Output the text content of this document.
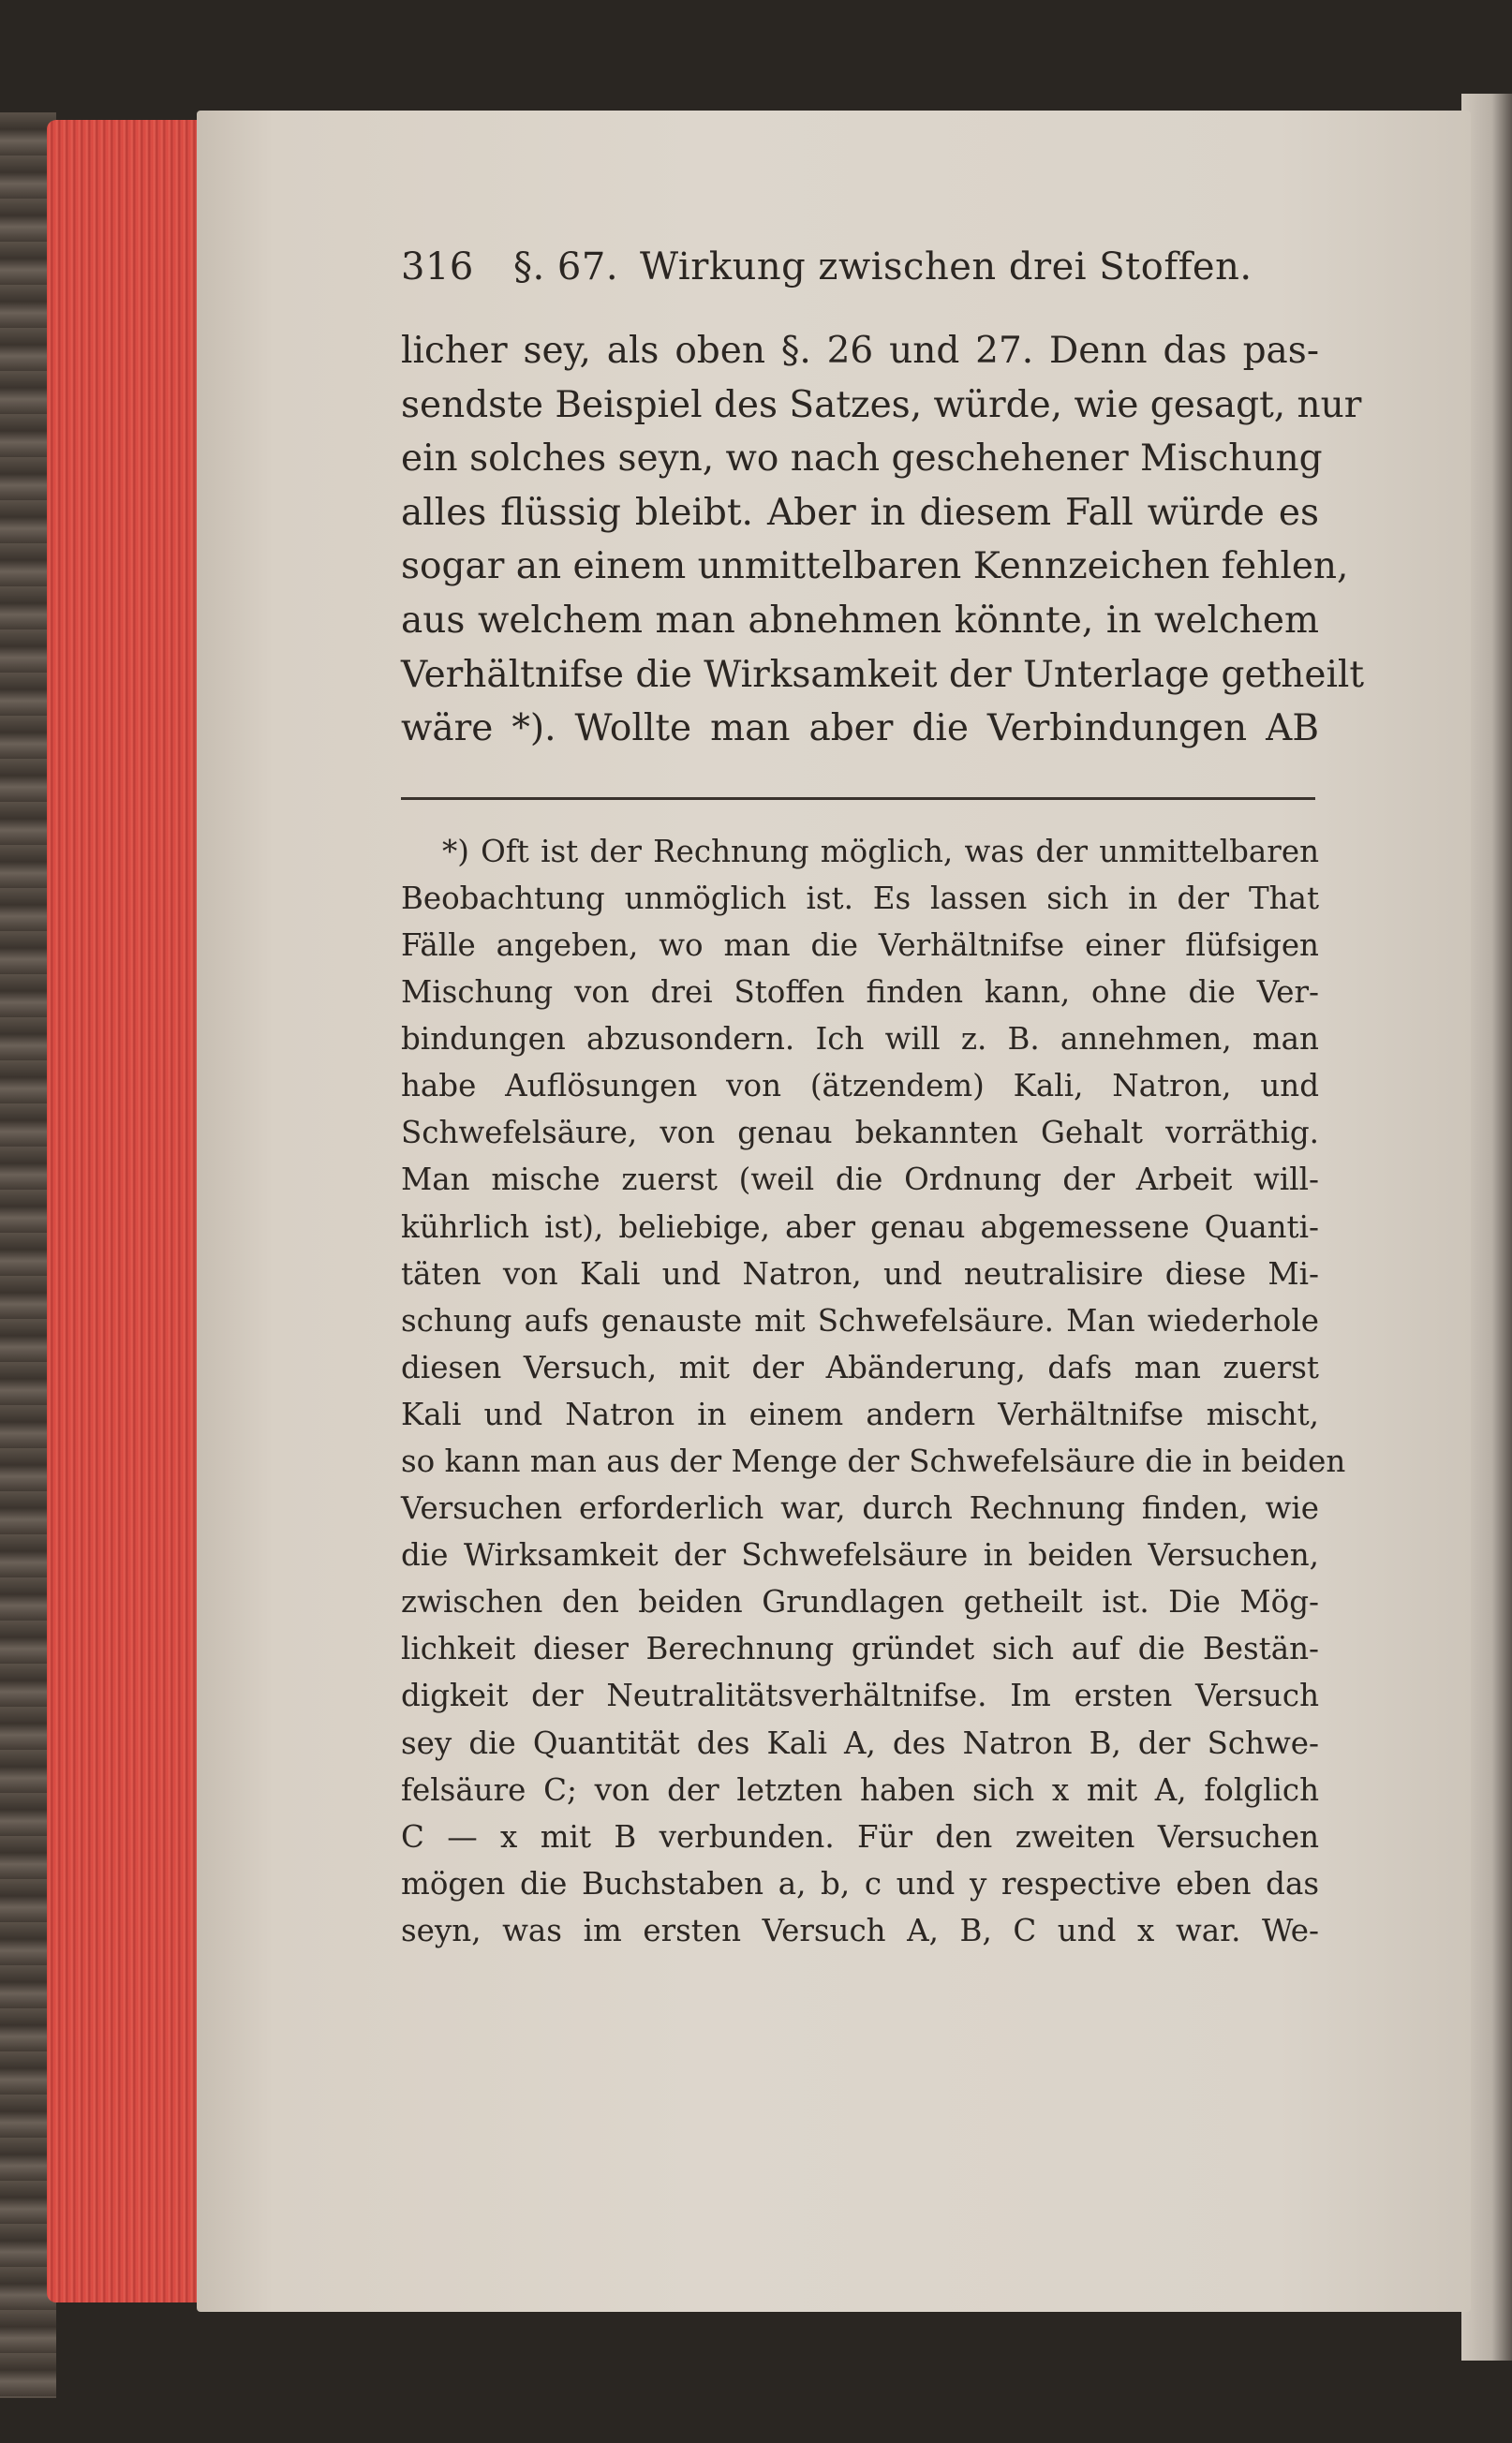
316	§. 67. Wirkung zwischen drei Stoffen.
licher sey, als oben §. 26 und 27. Denn das pas-
sendste Beispiel des Satzes, würde, wie gesagt, nur
ein solches seyn, wo nach geschehener Mischung
alles flüssig bleibt. Aber in diesem Fall würde es
sogar an einem unmittelbaren Kennzeichen fehlen,
aus welchem man abnehmen könnte, in welchem
Verhältnifse die Wirksamkeit der Unterlage getheilt
wäre *). Wollte man aber die Verbindungen AB
*) Oft ist der Rechnung möglich, was der unmittelbaren
Beobachtung unmöglich ist. Es lassen sich in der That
Fälle angeben, wo man die Verhältnifse einer flüfsigen
Mischung von drei Stoffen finden kann, ohne die Ver-
bindungen abzusondern. Ich will z. B. annehmen, man
habe Auflösungen von (ätzendem) Kali, Natron, und
Schwefelsäure, von genau bekannten Gehalt vorräthig.
Man mische zuerst (weil die Ordnung der Arbeit will-
kührlich ist), beliebige, aber genau abgemessene Quanti-
täten von Kali und Natron, und neutralisire diese Mi-
schung aufs genauste mit Schwefelsäure. Man wiederhole
diesen Versuch, mit der Abänderung, dafs man zuerst
Kali und Natron in einem andern Verhältnifse mischt,
so kann man aus der Menge der Schwefelsäure die in beiden
Versuchen erforderlich war, durch Rechnung finden, wie
die Wirksamkeit der Schwefelsäure in beiden Versuchen,
zwischen den beiden Grundlagen getheilt ist. Die Mög-
lichkeit dieser Berechnung gründet sich auf die Bestän-
digkeit der Neutralitätsverhältnifse. Im ersten Versuch
sey die Quantität des Kali A, des Natron B, der Schwe-
felsäure C; von der letzten haben sich x mit A, folglich
C — x mit B verbunden. Für den zweiten Versuchen
mögen die Buchstaben a, b, c und y respective eben das
seyn, was im ersten Versuch A, B, C und x war. We-
